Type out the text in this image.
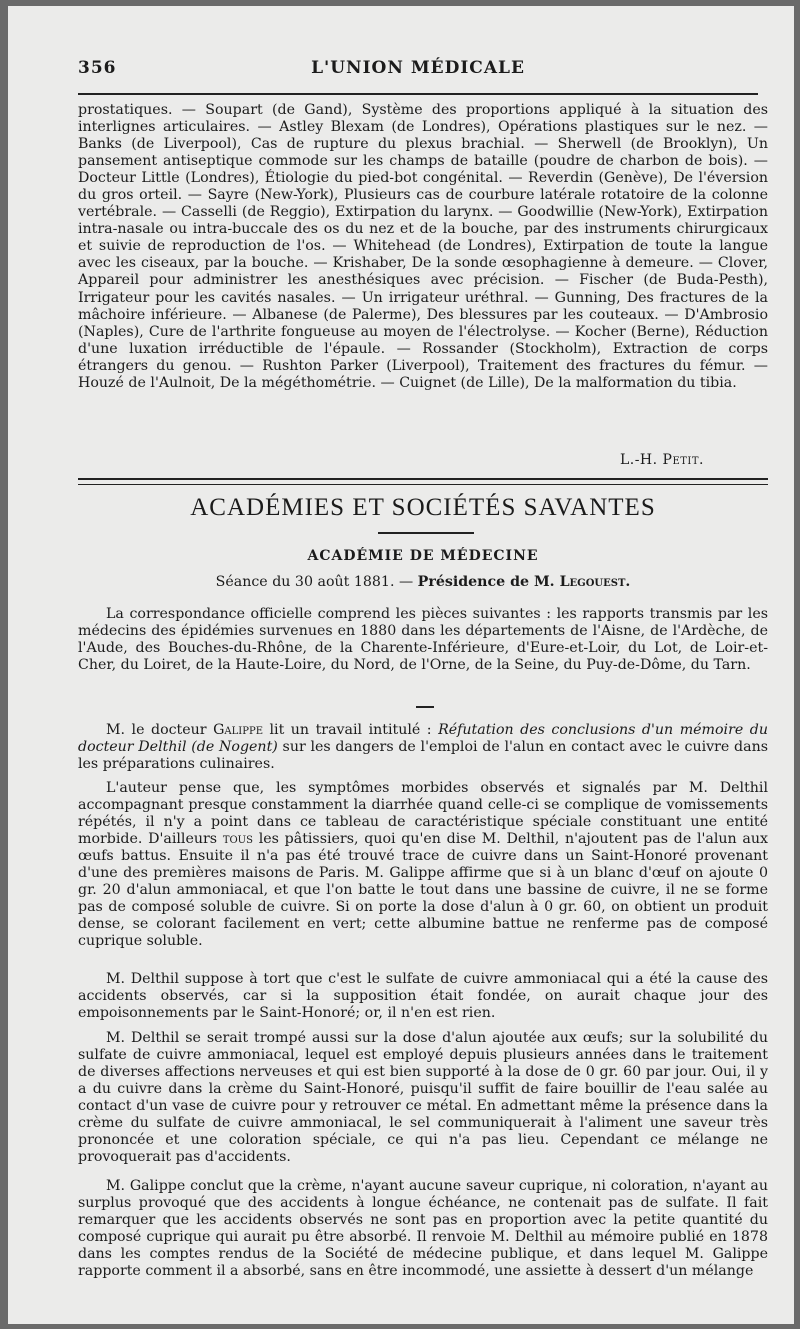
356	L'UNION MÉDICALE

prostatiques. — Soupart (de Gand), Système des proportions appliqué à la situation des interlignes articulaires. — Astley Blexam (de Londres), Opérations plastiques sur le nez. — Banks (de Liverpool), Cas de rupture du plexus brachial. — Sherwell (de Brooklyn), Un pansement antiseptique commode sur les champs de bataille (poudre de charbon de bois). — Docteur Little (Londres), Étiologie du pied-bot congénital. — Reverdin (Genève), De l'éversion du gros orteil. — Sayre (New-York), Plusieurs cas de courbure latérale rotatoire de la colonne vertébrale. — Casselli (de Reggio), Extirpation du larynx. — Goodwillie (New-York), Extirpation intra-nasale ou intra-buccale des os du nez et de la bouche, par des instruments chirurgicaux et suivie de reproduction de l'os. — Whitehead (de Londres), Extirpation de toute la langue avec les ciseaux, par la bouche. — Krishaber, De la sonde œsophagienne à demeure. — Clover, Appareil pour administrer les anesthésiques avec précision. — Fischer (de Buda-Pesth), Irrigateur pour les cavités nasales. — Un irrigateur uréthral. — Gunning, Des fractures de la mâchoire inférieure. — Albanese (de Palerme), Des blessures par les couteaux. — D'Ambrosio (Naples), Cure de l'arthrite fongueuse au moyen de l'électrolyse. — Kocher (Berne), Réduction d'une luxation irréductible de l'épaule. — Rossander (Stockholm), Extraction de corps étrangers du genou. — Rushton Parker (Liverpool), Traitement des fractures du fémur. — Houzé de l'Aulnoit, De la mégéthométrie. — Cuignet (de Lille), De la malformation du tibia.

L.-H. Petit.
ACADÉMIES ET SOCIÉTÉS SAVANTES
ACADÉMIE DE MÉDECINE
Séance du 30 août 1881. — Présidence de M. Legouest.

La correspondance officielle comprend les pièces suivantes : les rapports transmis par les médecins des épidémies survenues en 1880 dans les départements de l'Aisne, de l'Ardèche, de l'Aude, des Bouches-du-Rhône, de la Charente-Inférieure, d'Eure-et-Loir, du Lot, de Loir-et-Cher, du Loiret, de la Haute-Loire, du Nord, de l'Orne, de la Seine, du Puy-de-Dôme, du Tarn.

M. le docteur Galippe lit un travail intitulé : Réfutation des conclusions d'un mémoire du docteur Delthil (de Nogent) sur les dangers de l'emploi de l'alun en contact avec le cuivre dans les préparations culinaires.

L'auteur pense que, les symptômes morbides observés et signalés par M. Delthil accompagnant presque constamment la diarrhée quand celle-ci se complique de vomissements répétés, il n'y a point dans ce tableau de caractéristique spéciale constituant une entité morbide. D'ailleurs tous les pâtissiers, quoi qu'en dise M. Delthil, n'ajoutent pas de l'alun aux œufs battus. Ensuite il n'a pas été trouvé trace de cuivre dans un Saint-Honoré provenant d'une des premières maisons de Paris. M. Galippe affirme que si à un blanc d'œuf on ajoute 0 gr. 20 d'alun ammoniacal, et que l'on batte le tout dans une bassine de cuivre, il ne se forme pas de composé soluble de cuivre. Si on porte la dose d'alun à 0 gr. 60, on obtient un produit dense, se colorant facilement en vert; cette albumine battue ne renferme pas de composé cuprique soluble.

M. Delthil suppose à tort que c'est le sulfate de cuivre ammoniacal qui a été la cause des accidents observés, car si la supposition était fondée, on aurait chaque jour des empoisonnements par le Saint-Honoré; or, il n'en est rien.

M. Delthil se serait trompé aussi sur la dose d'alun ajoutée aux œufs; sur la solubilité du sulfate de cuivre ammoniacal, lequel est employé depuis plusieurs années dans le traitement de diverses affections nerveuses et qui est bien supporté à la dose de 0 gr. 60 par jour. Oui, il y a du cuivre dans la crème du Saint-Honoré, puisqu'il suffit de faire bouillir de l'eau salée au contact d'un vase de cuivre pour y retrouver ce métal. En admettant même la présence dans la crème du sulfate de cuivre ammoniacal, le sel communiquerait à l'aliment une saveur très prononcée et une coloration spéciale, ce qui n'a pas lieu. Cependant ce mélange ne provoquerait pas d'accidents.

M. Galippe conclut que la crème, n'ayant aucune saveur cuprique, ni coloration, n'ayant au surplus provoqué que des accidents à longue échéance, ne contenait pas de sulfate. Il fait remarquer que les accidents observés ne sont pas en proportion avec la petite quantité du composé cuprique qui aurait pu être absorbé. Il renvoie M. Delthil au mémoire publié en 1878 dans les comptes rendus de la Société de médecine publique, et dans lequel M. Galippe rapporte comment il a absorbé, sans en être incommodé, une assiette à dessert d'un mélange
